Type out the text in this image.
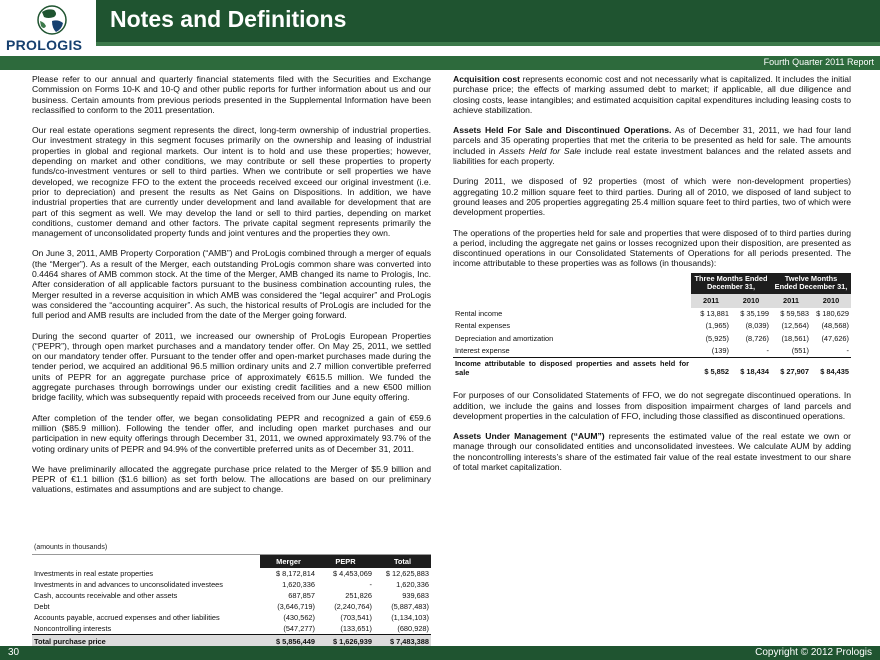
PROLOGIS
Notes and Definitions
Fourth Quarter 2011 Report

Please refer to our annual and quarterly financial statements filed with the Securities and Exchange Commission on Forms 10-K and 10-Q and other public reports for further information about us and our business. Certain amounts from previous periods presented in the Supplemental Information have been reclassified to conform to the 2011 presentation.

Our real estate operations segment represents the direct, long-term ownership of industrial properties. Our investment strategy in this segment focuses primarily on the ownership and leasing of industrial properties in global and regional markets. Our intent is to hold and use these properties; however, depending on market and other conditions, we may contribute or sell these properties to property funds/co-investment ventures or sell to third parties. When we contribute or sell properties we have developed, we recognize FFO to the extent the proceeds received exceed our original investment (i.e. prior to depreciation) and present the results as Net Gains on Dispositions. In addition, we have industrial properties that are currently under development and land available for development that are part of this segment as well. We may develop the land or sell to third parties, depending on market conditions, customer demand and other factors. The private capital segment represents primarily the management of unconsolidated property funds and joint ventures and the properties they own.

On June 3, 2011, AMB Property Corporation (“AMB”) and ProLogis combined through a merger of equals (the “Merger”). As a result of the Merger, each outstanding ProLogis common share was converted into 0.4464 shares of AMB common stock. At the time of the Merger, AMB changed its name to Prologis, Inc. After consideration of all applicable factors pursuant to the business combination accounting rules, the Merger resulted in a reverse acquisition in which AMB was considered the “legal acquirer” and ProLogis was considered the “accounting acquirer”. As such, the historical results of ProLogis are included for the full period and AMB results are included from the date of the Merger going forward.

During the second quarter of 2011, we increased our ownership of ProLogis European Properties (“PEPR”), through open market purchases and a mandatory tender offer. On May 25, 2011, we settled on our mandatory tender offer. Pursuant to the tender offer and open-market purchases made during the tender period, we acquired an additional 96.5 million ordinary units and 2.7 million convertible preferred units of PEPR for an aggregate purchase price of approximately €615.5 million. We funded the aggregate purchases through borrowings under our existing credit facilities and a new €500 million bridge facility, which was subsequently repaid with proceeds received from our June equity offering.

After completion of the tender offer, we began consolidating PEPR and recognized a gain of €59.6 million ($85.9 million). Following the tender offer, and including open market purchases and our participation in new equity offerings through December 31, 2011, we owned approximately 93.7% of the voting ordinary units of PEPR and 94.9% of the convertible preferred units as of December 31, 2011.

We have preliminarily allocated the aggregate purchase price related to the Merger of $5.9 billion and PEPR of €1.1 billion ($1.6 billion) as set forth below. The allocations are based on our preliminary valuations, estimates and assumptions and are subject to change.

(amounts in thousands)			
	Merger	PEPR	Total
Investments in real estate properties	$ 8,172,814	$ 4,453,069	$ 12,625,883
Investments in and advances to unconsolidated investees	1,620,336	-	1,620,336
Cash, accounts receivable and other assets	687,857	251,826	939,683
Debt	(3,646,719)	(2,240,764)	(5,887,483)
Accounts payable, accrued expenses and other liabilities	(430,562)	(703,541)	(1,134,103)
Noncontrolling interests	(547,277)	(133,651)	(680,928)
Total purchase price	$ 5,856,449	$ 1,626,939	$ 7,483,388

Acquisition cost represents economic cost and not necessarily what is capitalized. It includes the initial purchase price; the effects of marking assumed debt to market; if applicable, all due diligence and closing costs, lease intangibles; and estimated acquisition capital expenditures including leasing costs to achieve stabilization.

Assets Held For Sale and Discontinued Operations. As of December 31, 2011, we had four land parcels and 35 operating properties that met the criteria to be presented as held for sale. The amounts included in Assets Held for Sale include real estate investment balances and the related assets and liabilities for each property.

During 2011, we disposed of 92 properties (most of which were non-development properties) aggregating 10.2 million square feet to third parties. During all of 2010, we disposed of land subject to ground leases and 205 properties aggregating 25.4 million square feet to third parties, two of which were development properties.

The operations of the properties held for sale and properties that were disposed of to third parties during a period, including the aggregate net gains or losses recognized upon their disposition, are presented as discontinued operations in our Consolidated Statements of Operations for all periods presented. The income attributable to these properties was as follows (in thousands):

	Three Months Ended December 31,		Twelve Months Ended December 31,	
	2011	2010	2011	2010
Rental income	$ 13,881	$ 35,199	$ 59,583	$ 180,629
Rental expenses	(1,965)	(8,039)	(12,564)	(48,568)
Depreciation and amortization	(5,925)	(8,726)	(18,561)	(47,626)
Interest expense	(139)	-	(551)	-
Income attributable to disposed properties and assets held for sale	$ 5,852	$ 18,434	$ 27,907	$ 84,435

For purposes of our Consolidated Statements of FFO, we do not segregate discontinued operations. In addition, we include the gains and losses from disposition impairment charges of land parcels and development properties in the calculation of FFO, including those classified as discontinued operations.

Assets Under Management (“AUM”) represents the estimated value of the real estate we own or manage through our consolidated entities and unconsolidated investees. We calculate AUM by adding the noncontrolling interests’s share of the estimated fair value of the real estate investment to our share of total market capitalization.

30	Copyright © 2012 Prologis
